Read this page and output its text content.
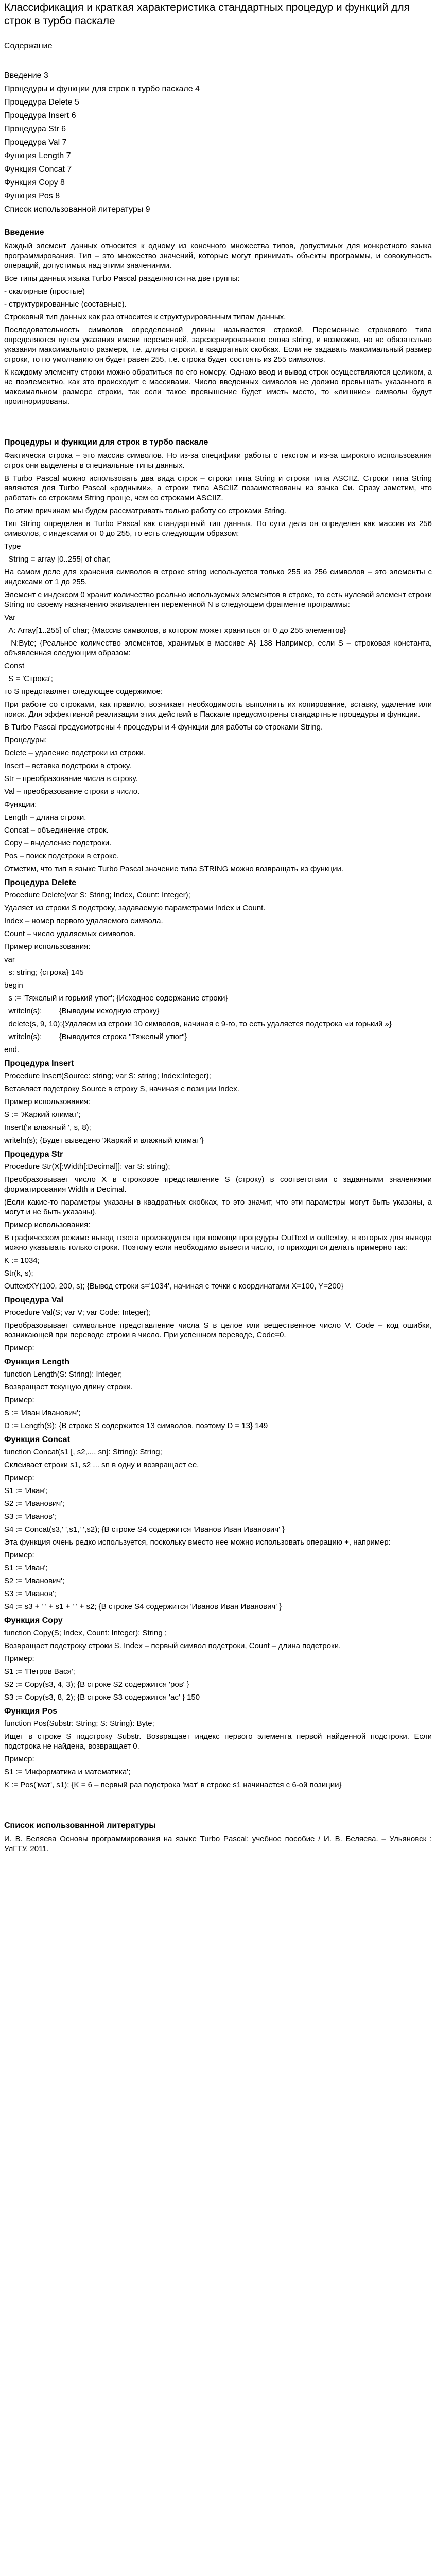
Классификация и краткая характеристика стандартных процедур и функций для строк в турбо паскале
Содержание
Введение 3
Процедуры и функции для строк в турбо паскале 4
Процедура Delete 5
Процедура Insert 6
Процедура Str 6
Процедура Val 7
Функция Length 7
Функция Concat 7
Функция Copy 8
Функция Pos 8
Список использованной литературы 9
Введение
Каждый элемент данных относится к одному из конечного множества типов, допустимых для конкретного языка программирования. Тип – это множество значений, которые могут принимать объекты программы, и совокупность операций, допустимых над этими значениями.
Все типы данных языка Turbo Pascal разделяются на две группы:
- скалярные (простые)
- структурированные (составные).
Строковый тип данных как раз относится к структурированным типам данных.
Последовательность символов определенной длины называется строкой. Переменные строкового типа определяются путем указания имени переменной, зарезервированного слова string, и возможно, но не обязательно указания максимального размера, т.е. длины строки, в квадратных скобках. Если не задавать максимальный размер строки, то по умолчанию он будет равен 255, т.е. строка будет состоять из 255 символов.
К каждому элементу строки можно обратиться по его номеру. Однако ввод и вывод строк осуществляются целиком, а не поэлементно, как это происходит с массивами. Число введенных символов не должно превышать указанного в максимальном размере строки, так если такое превышение будет иметь место, то «лишние» символы будут проигнорированы.
Процедуры и функции для строк в турбо паскале
Фактически строка – это массив символов. Но из-за специфики работы с текстом и из-за широкого использования строк они выделены в специальные типы данных.
В Turbo Pascal можно использовать два вида строк – строки типа String и строки типа ASCIIZ. Строки типа String являются для Turbo Pascal «родными», а строки типа ASCIIZ позаимствованы из языка Си. Сразу заметим, что работать со строками String проще, чем со строками ASCIIZ.
По этим причинам мы будем рассматривать только работу со строками String.
Тип String определен в Turbo Pascal как стандартный тип данных. По сути дела он определен как массив из 256 символов, с индексами от 0 до 255, то есть следующим образом:
Type
String = array [0..255] of char;
На самом деле для хранения символов в строке string используется только 255 из 256 символов – это элементы с индексами от 1 до 255.
Элемент с индексом 0 хранит количество реально используемых элементов в строке, то есть нулевой элемент строки String по своему назначению эквивалентен переменной N в следующем фрагменте программы:
Var
A: Array[1..255] of char; {Массив символов, в котором может храниться от 0 до 255 элементов}
N:Byte; {Реальное количество элементов, хранимых в массиве А} 138 Например, если S – строковая константа, объявленная следующим образом:
Const
S = 'Строка';
то S представляет следующее содержимое:
При работе со строками, как правило, возникает необходимость выполнить их копирование, вставку, удаление или поиск. Для эффективной реализации этих действий в Паскале предусмотрены стандартные процедуры и функции.
В Turbo Pascal предусмотрены 4 процедуры и 4 функции для работы со строками String.
Процедуры:
Delete – удаление подстроки из строки.
Insert – вставка подстроки в строку.
Str – преобразование числа в строку.
Val – преобразование строки в число.
Функции:
Length – длина строки.
Concat – объединение строк.
Copy – выделение подстроки.
Pos – поиск подстроки в строке.
Отметим, что тип в языке Turbo Pascal значение типа STRING можно возвращать из функции.
Процедура Delete
Procedure Delete(var S: String; Index, Count: Integer);
Удаляет из строки S подстроку, задаваемую параметрами Index и Count.
Index – номер первого удаляемого символа.
Count – число удаляемых символов.
Пример использования:
var
s: string; {строка} 145
begin
s := 'Тяжелый и горький утюг'; {Исходное содержание строки}
writeln(s);        {Выводим исходную строку}
delete(s, 9, 10);{Удаляем из строки 10 символов, начиная с 9-го, то есть удаляется подстрока «и горький »}
writeln(s);        {Выводится строка "Тяжелый утюг"}
end.
Процедура Insert
Procedure Insert(Source: string; var S: string; Index:Integer);
Вставляет подстроку Source в строку S, начиная с позиции Index.
Пример использования:
S := 'Жаркий климат';
Insert('и влажный ', s, 8);
writeln(s); {Будет выведено 'Жаркий и влажный климат'}
Процедура Str
Procedure Str(X[:Width[:Decimal]]; var S: string);
Преобразовывает число X в строковое представление S (строку) в соответствии с заданными значениями форматирования Width и Decimal.
(Если какие-то параметры указаны в квадратных скобках, то это значит, что эти параметры могут быть указаны, а могут и не быть указаны).
Пример использования:
В графическом режиме вывод текста производится при помощи процедуры OutText и outtextxy, в которых для вывода можно указывать только строки. Поэтому если необходимо вывести число, то приходится делать примерно так:
K := 1034;
Str(k, s);
OuttextXY(100, 200, s); {Вывод строки s='1034', начиная с точки с координатами X=100, Y=200}
Процедура Val
Procedure Val(S; var V; var Code: Integer);
Преобразовывает символьное представление числа S в целое или вещественное число V. Code – код ошибки, возникающей при переводе строки в число. При успешном переводе, Code=0.
Пример:
Функция Length
function Length(S: String): Integer;
Возвращает текущую длину строки.
Пример:
S := 'Иван Иванович';
D := Length(S); {В строке S содержится 13 символов, поэтому D = 13} 149
Функция Concat
function Concat(s1 [, s2,..., sn]: String): String;
Склеивает строки s1, s2 ... sn в одну и возвращает ее.
Пример:
S1 := 'Иван';
S2 := 'Иванович';
S3 := 'Иванов';
S4 := Concat(s3,' ',s1,' ',s2); {В строке S4 содержится 'Иванов Иван Иванович' }
Эта функция очень редко используется, поскольку вместо нее можно использовать операцию +, например:
Пример:
S1 := 'Иван';
S2 := 'Иванович';
S3 := 'Иванов';
S4 := s3 + ' ' + s1 + ' ' + s2; {В строке S4 содержится 'Иванов Иван Иванович' }
Функция Copy
function Copy(S; Index, Count: Integer): String ;
Возвращает подстроку строки S. Index – первый символ подстроки, Count – длина подстроки.
Пример:
S1 := 'Петров Вася';
S2 := Copy(s3, 4, 3); {В строке S2 содержится 'ров' }
S3 := Copy(s3, 8, 2); {В строке S3 содержится 'ас' } 150
Функция Pos
function Pos(Substr: String; S: String): Byte;
Ищет в строке S подстроку Substr. Возвращает индекс первого элемента первой найденной подстроки. Если подстрока не найдена, возвращает 0.
Пример:
S1 := 'Информатика и математика';
K := Pos('мат', s1); {K = 6 – первый раз подстрока 'мат' в строке s1 начинается с 6-ой позиции}
Список использованной литературы
И. В. Беляева Основы программирования на языке Turbo Pascal: учебное пособие / И. В. Беляева. – Ульяновск : УлГТУ, 2011.
